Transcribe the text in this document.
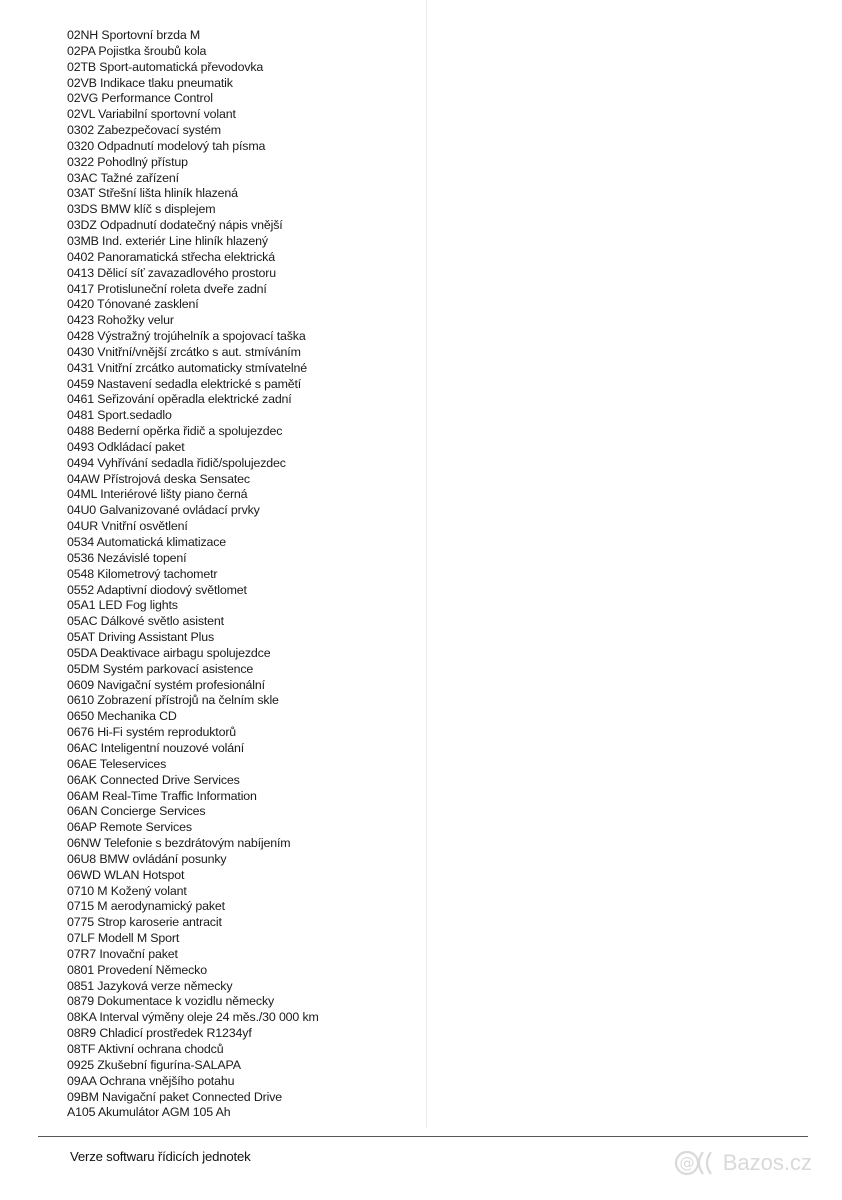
02NH Sportovní brzda M
02PA Pojistka šroubů kola
02TB Sport-automatická převodovka
02VB Indikace tlaku pneumatik
02VG Performance Control
02VL Variabilní sportovní volant
0302 Zabezpečovací systém
0320 Odpadnutí modelový tah písma
0322 Pohodlný přístup
03AC Tažné zařízení
03AT Střešní lišta hliník hlazená
03DS BMW klíč s displejem
03DZ Odpadnutí dodatečný nápis vnější
03MB Ind. exteriér Line hliník hlazený
0402 Panoramatická střecha elektrická
0413 Dělicí síť zavazadlového prostoru
0417 Protisluneční roleta dveře zadní
0420 Tónované zasklení
0423 Rohožky velur
0428 Výstražný trojúhelník a spojovací taška
0430 Vnitřní/vnější zrcátko s aut. stmíváním
0431 Vnitřní zrcátko automaticky stmívatelné
0459 Nastavení sedadla elektrické s pamětí
0461 Seřizování opěradla elektrické zadní
0481 Sport.sedadlo
0488 Bederní opěrka řidič a spolujezdec
0493 Odkládací paket
0494 Vyhřívání sedadla řidič/spolujezdec
04AW Přístrojová deska Sensatec
04ML Interiérové lišty piano černá
04U0 Galvanizované ovládací prvky
04UR Vnitřní osvětlení
0534 Automatická klimatizace
0536 Nezávislé topení
0548 Kilometrový tachometr
0552 Adaptivní diodový světlomet
05A1 LED Fog lights
05AC Dálkové světlo asistent
05AT Driving Assistant Plus
05DA Deaktivace airbagu spolujezdce
05DM Systém parkovací asistence
0609 Navigační systém profesionální
0610 Zobrazení přístrojů na čelním skle
0650 Mechanika CD
0676 Hi-Fi systém reproduktorů
06AC Inteligentní nouzové volání
06AE Teleservices
06AK Connected Drive Services
06AM Real-Time Traffic Information
06AN Concierge Services
06AP Remote Services
06NW Telefonie s bezdrátovým nabíjením
06U8 BMW ovládání posunky
06WD WLAN Hotspot
0710 M Kožený volant
0715 M aerodynamický paket
0775 Strop karoserie antracit
07LF Modell M Sport
07R7 Inovační paket
0801 Provedení Německo
0851 Jazyková verze německy
0879 Dokumentace k vozidlu německy
08KA Interval výměny oleje 24 měs./30 000 km
08R9 Chladicí prostředek R1234yf
08TF Aktivní ochrana chodců
0925 Zkušební figurína-SALAPA
09AA Ochrana vnějšího potahu
09BM Navigační paket Connected Drive
A105 Akumulátor AGM 105 Ah
Verze softwaru řídicích jednotek	@ Bazos.cz
